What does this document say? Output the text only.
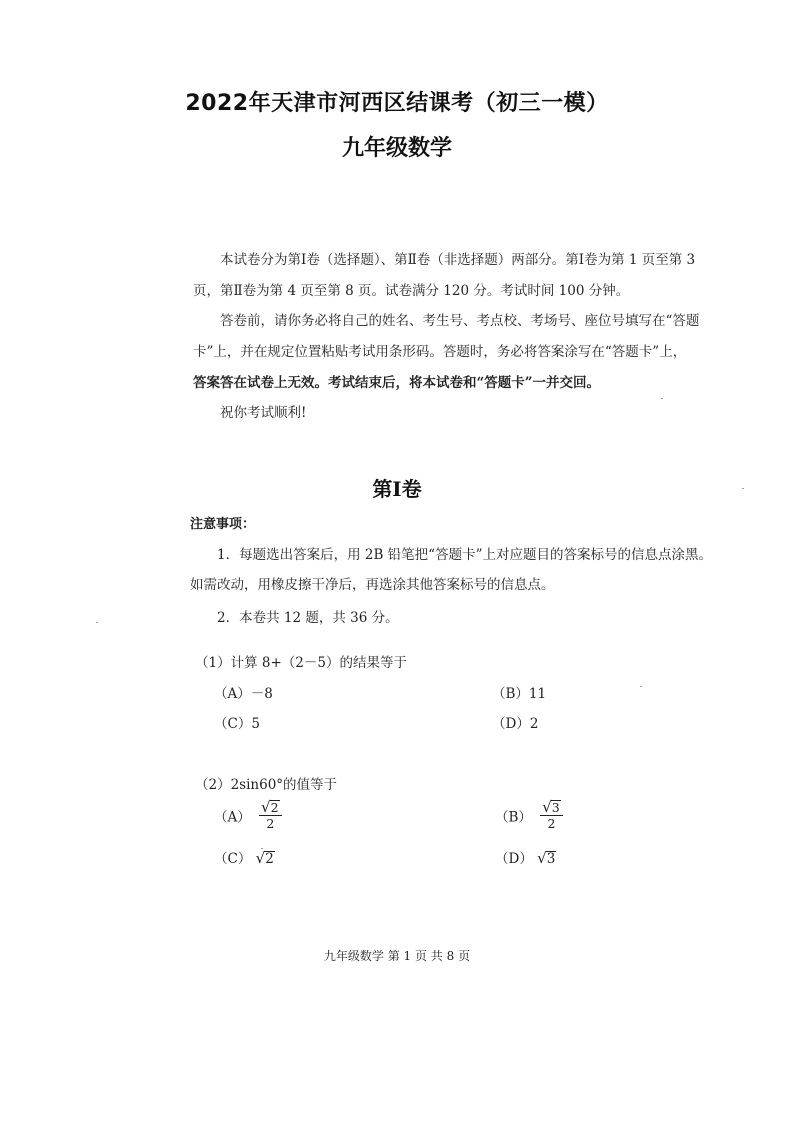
2022年天津市河西区结课考（初三一模）
九年级数学
本试卷分为第Ⅰ卷（选择题）、第Ⅱ卷（非选择题）两部分。第Ⅰ卷为第 1 页至第 3
页，第Ⅱ卷为第 4 页至第 8 页。试卷满分 120 分。考试时间 100 分钟。
答卷前，请你务必将自己的姓名、考生号、考点校、考场号、座位号填写在“答题
卡”上，并在规定位置粘贴考试用条形码。答题时，务必将答案涂写在“答题卡”上，
答案答在试卷上无效。考试结束后，将本试卷和“答题卡”一并交回。
祝你考试顺利!
第Ⅰ卷
注意事项：
1．每题选出答案后，用 2B 铅笔把“答题卡”上对应题目的答案标号的信息点涂黑。
如需改动，用橡皮擦干净后，再选涂其他答案标号的信息点。
2．本卷共 12 题，共 36 分。
（1）计算 8+（2－5）的结果等于
（A）－8	（B）11
（C）5	（D）2
（2）2sin60°的值等于
$(A) \frac{√ 2}{2}$	$(B) \frac{√ 3}{2}$
（C） √ 2	（D） √ 3
九年级数学 第 1 页 共 8 页
